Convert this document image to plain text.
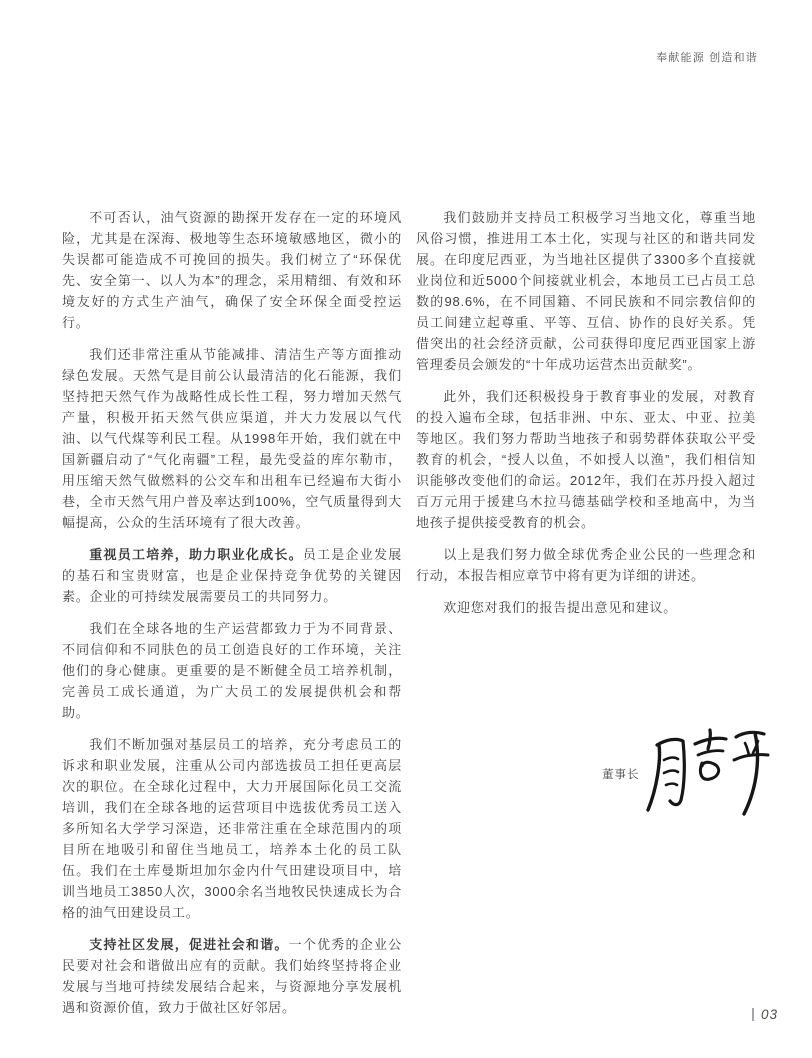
奉献能源 创造和谐

不可否认，油气资源的勘探开发存在一定的环境风险，尤其是在深海、极地等生态环境敏感地区，微小的失误都可能造成不可挽回的损失。我们树立了“环保优先、安全第一、以人为本”的理念，采用精细、有效和环境友好的方式生产油气，确保了安全环保全面受控运行。

我们还非常注重从节能减排、清洁生产等方面推动绿色发展。天然气是目前公认最清洁的化石能源，我们坚持把天然气作为战略性成长性工程，努力增加天然气产量，积极开拓天然气供应渠道，并大力发展以气代油、以气代煤等利民工程。从1998年开始，我们就在中国新疆启动了“气化南疆”工程，最先受益的库尔勒市，用压缩天然气做燃料的公交车和出租车已经遍布大街小巷，全市天然气用户普及率达到100%，空气质量得到大幅提高，公众的生活环境有了很大改善。

重视员工培养，助力职业化成长。员工是企业发展的基石和宝贵财富，也是企业保持竞争优势的关键因素。企业的可持续发展需要员工的共同努力。

我们在全球各地的生产运营都致力于为不同背景、不同信仰和不同肤色的员工创造良好的工作环境，关注他们的身心健康。更重要的是不断健全员工培养机制，完善员工成长通道，为广大员工的发展提供机会和帮助。

我们不断加强对基层员工的培养，充分考虑员工的诉求和职业发展，注重从公司内部选拔员工担任更高层次的职位。在全球化过程中，大力开展国际化员工交流培训，我们在全球各地的运营项目中选拔优秀员工送入多所知名大学学习深造，还非常注重在全球范围内的项目所在地吸引和留住当地员工，培养本土化的员工队伍。我们在土库曼斯坦加尔金内什气田建设项目中，培训当地员工3850人次，3000余名当地牧民快速成长为合格的油气田建设员工。

支持社区发展，促进社会和谐。一个优秀的企业公民要对社会和谐做出应有的贡献。我们始终坚持将企业发展与当地可持续发展结合起来，与资源地分享发展机遇和资源价值，致力于做社区好邻居。

我们鼓励并支持员工积极学习当地文化，尊重当地风俗习惯，推进用工本土化，实现与社区的和谐共同发展。在印度尼西亚，为当地社区提供了3300多个直接就业岗位和近5000个间接就业机会，本地员工已占员工总数的98.6%，在不同国籍、不同民族和不同宗教信仰的员工间建立起尊重、平等、互信、协作的良好关系。凭借突出的社会经济贡献，公司获得印度尼西亚国家上游管理委员会颁发的“十年成功运营杰出贡献奖”。

此外，我们还积极投身于教育事业的发展，对教育的投入遍布全球，包括非洲、中东、亚太、中亚、拉美等地区。我们努力帮助当地孩子和弱势群体获取公平受教育的机会，“授人以鱼，不如授人以渔”，我们相信知识能够改变他们的命运。2012年，我们在苏丹投入超过百万元用于援建乌木拉马德基础学校和圣地高中，为当地孩子提供接受教育的机会。

以上是我们努力做全球优秀企业公民的一些理念和行动，本报告相应章节中将有更为详细的讲述。

欢迎您对我们的报告提出意见和建议。

董事长
03
